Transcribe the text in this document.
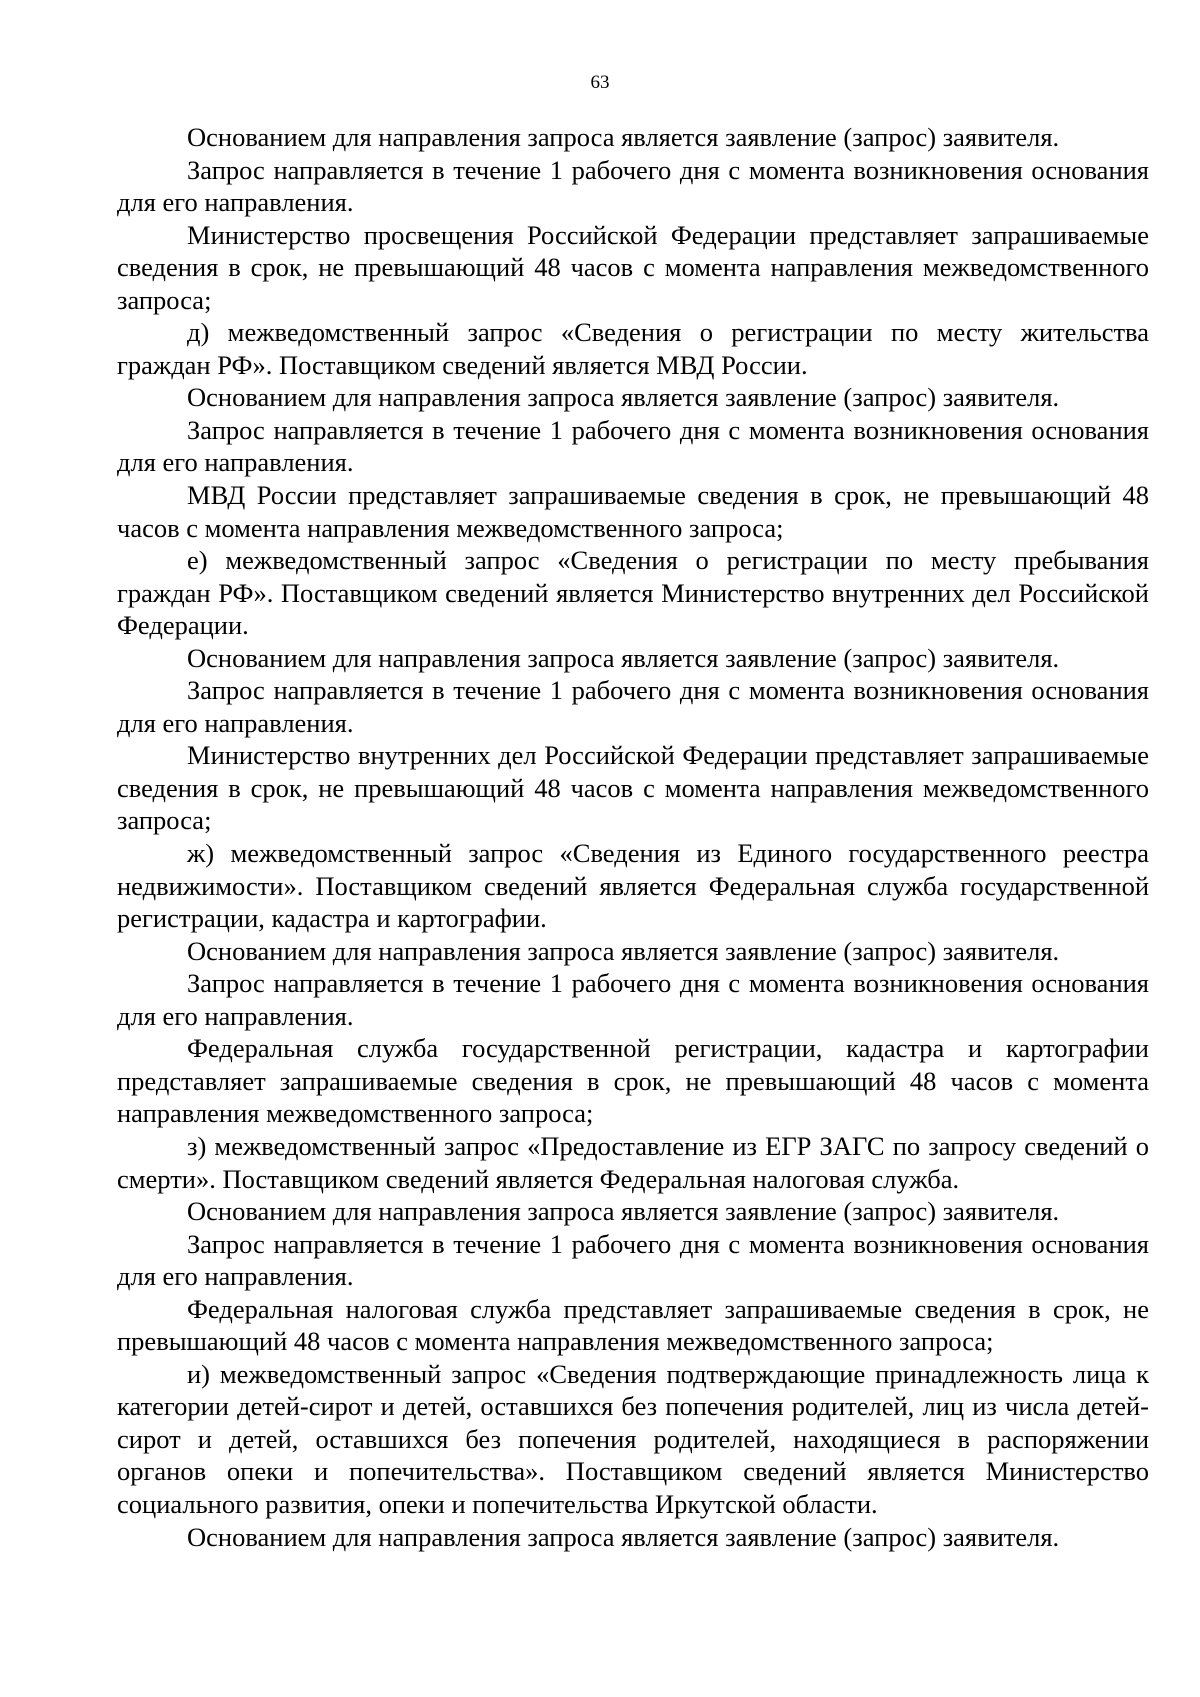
63

Основанием для направления запроса является заявление (запрос) заявителя.

Запрос направляется в течение 1 рабочего дня с момента возникновения основания для его направления.

Министерство просвещения Российской Федерации представляет запрашиваемые сведения в срок, не превышающий 48 часов с момента направления межведомственного запроса;

д) межведомственный запрос «Сведения о регистрации по месту жительства граждан РФ». Поставщиком сведений является МВД России.

Основанием для направления запроса является заявление (запрос) заявителя.

Запрос направляется в течение 1 рабочего дня с момента возникновения основания для его направления.

МВД России представляет запрашиваемые сведения в срок, не превышающий 48 часов с момента направления межведомственного запроса;

е) межведомственный запрос «Сведения о регистрации по месту пребывания граждан РФ». Поставщиком сведений является Министерство внутренних дел Российской Федерации.

Основанием для направления запроса является заявление (запрос) заявителя.

Запрос направляется в течение 1 рабочего дня с момента возникновения основания для его направления.

Министерство внутренних дел Российской Федерации представляет запрашиваемые сведения в срок, не превышающий 48 часов с момента направления межведомственного запроса;

ж) межведомственный запрос «Сведения из Единого государственного реестра недвижимости». Поставщиком сведений является Федеральная служба государственной регистрации, кадастра и картографии.

Основанием для направления запроса является заявление (запрос) заявителя.

Запрос направляется в течение 1 рабочего дня с момента возникновения основания для его направления.

Федеральная служба государственной регистрации, кадастра и картографии представляет запрашиваемые сведения в срок, не превышающий 48 часов с момента направления межведомственного запроса;

з) межведомственный запрос «Предоставление из ЕГР ЗАГС по запросу сведений о смерти». Поставщиком сведений является Федеральная налоговая служба.

Основанием для направления запроса является заявление (запрос) заявителя.

Запрос направляется в течение 1 рабочего дня с момента возникновения основания для его направления.

Федеральная налоговая служба представляет запрашиваемые сведения в срок, не превышающий 48 часов с момента направления межведомственного запроса;

и) межведомственный запрос «Сведения подтверждающие принадлежность лица к категории детей-сирот и детей, оставшихся без попечения родителей, лиц из числа детей-сирот и детей, оставшихся без попечения родителей, находящиеся в распоряжении органов опеки и попечительства». Поставщиком сведений является Министерство социального развития, опеки и попечительства Иркутской области.

Основанием для направления запроса является заявление (запрос) заявителя.
